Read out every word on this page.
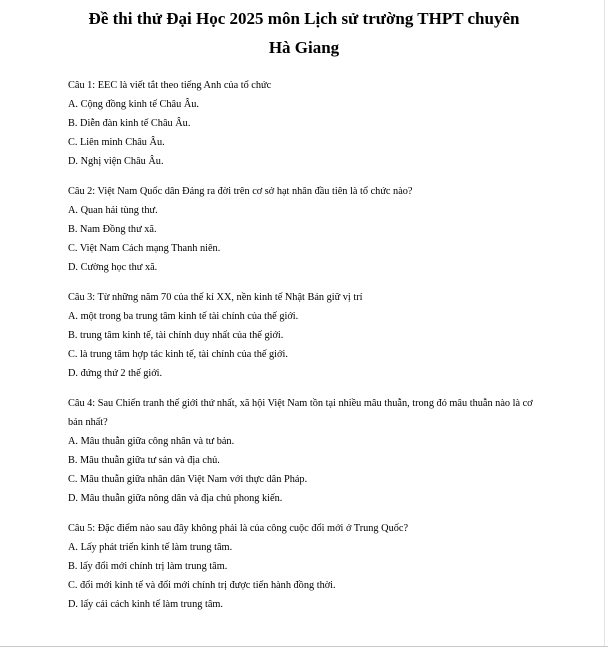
Đề thi thử Đại Học 2025 môn Lịch sử trường THPT chuyên
Hà Giang

Câu 1: EEC là viết tắt theo tiếng Anh của tổ chức

A. Cộng đồng kinh tế Châu Âu.

B. Diễn đàn kinh tế Châu Âu.

C. Liên minh Châu Âu.

D. Nghị viện Châu Âu.

Câu 2: Việt Nam Quốc dân Đảng ra đời trên cơ sở hạt nhân đầu tiên là tổ chức nào?

A. Quan hải tùng thư.

B. Nam Đồng thư xã.

C. Việt Nam Cách mạng Thanh niên.

D. Cường học thư xã.

Câu 3: Từ những năm 70 của thế kỉ XX, nền kinh tế Nhật Bản giữ vị trí

A. một trong ba trung tâm kinh tế tài chính của thế giới.

B. trung tâm kinh tế, tài chính duy nhất của thế giới.

C. là trung tâm hợp tác kinh tế, tài chính của thế giới.

D. đứng thứ 2 thế giới.

Câu 4: Sau Chiến tranh thế giới thứ nhất, xã hội Việt Nam tồn tại nhiều mâu thuẫn, trong đó mâu thuẫn nào là cơ bản nhất?

A. Mâu thuẫn giữa công nhân và tư bản.

B. Mâu thuẫn giữa tư sản và địa chủ.

C. Mâu thuẫn giữa nhân dân Việt Nam với thực dân Pháp.

D. Mâu thuẫn giữa nông dân và địa chủ phong kiến.

Câu 5: Đặc điểm nào sau đây không phải là của công cuộc đổi mới ở Trung Quốc?

A. Lấy phát triển kinh tế làm trung tâm.

B. lấy đổi mới chính trị làm trung tâm.

C. đổi mới kinh tế và đổi mới chính trị được tiến hành đồng thời.

D. lấy cải cách kinh tế làm trung tâm.
